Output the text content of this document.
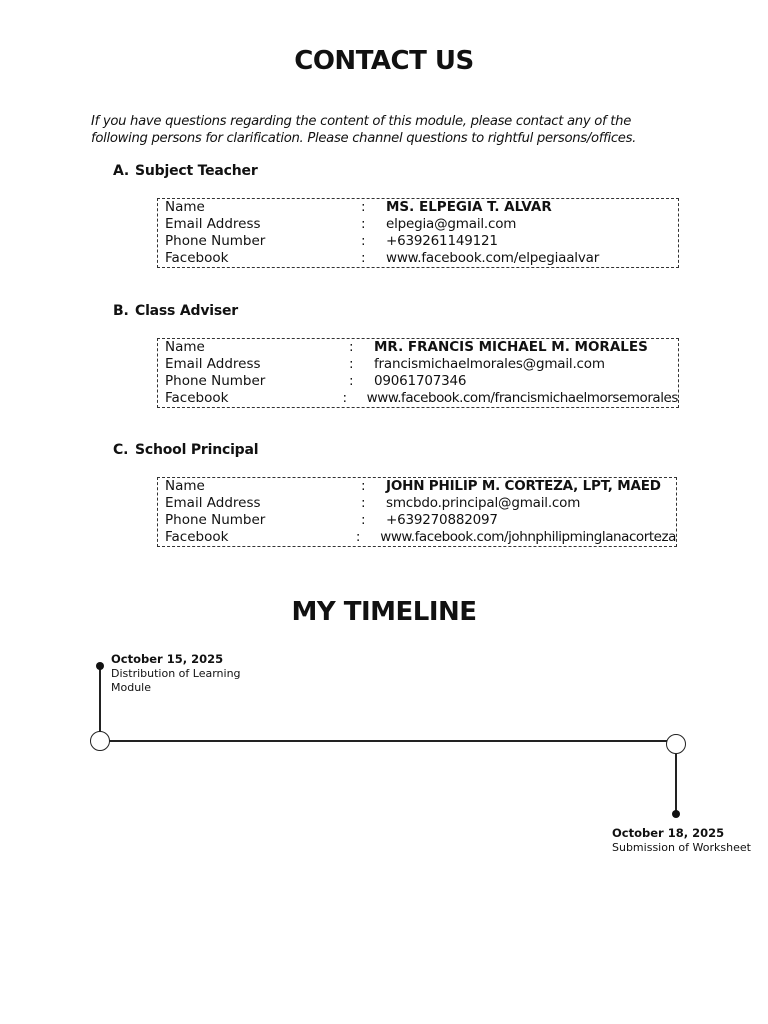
CONTACT US
If you have questions regarding the content of this module, please contact any of the following persons for clarification. Please channel questions to rightful persons/offices.
A. Subject Teacher
Name	:	MS. ELPEGIA T. ALVAR
Email Address	:	elpegia@gmail.com
Phone Number	:	+639261149121
Facebook	:	www.facebook.com/elpegiaalvar
B. Class Adviser
Name	:	MR. FRANCIS MICHAEL M. MORALES
Email Address	:	francismichaelmorales@gmail.com
Phone Number	:	09061707346
Facebook	:	www.facebook.com/francismichaelmorsemorales
C. School Principal
Name	:	JOHN PHILIP M. CORTEZA, LPT, MAED
Email Address	:	smcbdo.principal@gmail.com
Phone Number	:	+639270882097
Facebook	:	www.facebook.com/johnphilipminglanacorteza
MY TIMELINE
October 15, 2025
Distribution of Learning Module
October 18, 2025
Submission of Worksheet
